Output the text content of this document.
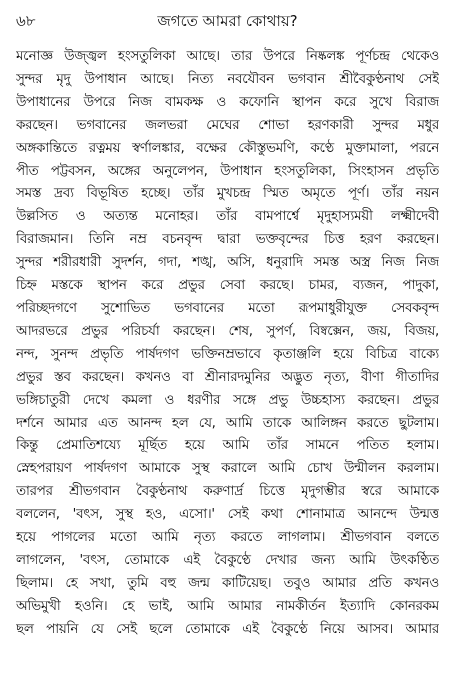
৬৮	জগতে আমরা কোথায়?
মনোজ্ঞ উজ্জ্বল হংসতুলিকা আছে। তার উপরে নিষ্কলঙ্ক পূর্ণচন্দ্র থেকেও
সুন্দর মৃদু উপাধান আছে। নিত্য নবযৌবন ভগবান শ্রীবৈকুণ্ঠনাথ সেই
উপাধানের উপরে নিজ বামকক্ষ ও কফোনি স্থাপন করে সুখে বিরাজ
করছেন। ভগবানের জলভরা মেঘের শোভা হরণকারী সুন্দর মধুর
অঙ্গকান্তিতে রত্নময় স্বর্ণালঙ্কার, বক্ষের কৌস্তুভমণি, কণ্ঠে মুক্তামালা, পরনে
পীত পট্টবসন, অঙ্গের অনুলেপন, উপাধান হংসতুলিকা, সিংহাসন প্রভৃতি
সমস্ত দ্রব্য বিভূষিত হচ্ছে। তাঁর মুখচন্দ্র স্মিত অমৃতে পূর্ণ। তাঁর নয়ন
উল্লসিত ও অত্যন্ত মনোহর। তাঁর বামপার্শ্বে মৃদুহাস্যময়ী লক্ষ্মীদেবী
বিরাজমান। তিনি নম্র বচনবৃন্দ দ্বারা ভক্তবৃন্দের চিত্ত হরণ করছেন।
সুন্দর শরীরধারী সুদর্শন, গদা, শঙ্খ, অসি, ধনুরাদি সমস্ত অস্ত্র নিজ নিজ
চিহ্ন মস্তকে স্থাপন করে প্রভুর সেবা করছে। চামর, ব্যজন, পাদুকা,
পরিচ্ছদগণে সুশোভিত ভগবানের মতো রূপমাধুরীযুক্ত সেবকবৃন্দ
আদরভরে প্রভুর পরিচর্যা করছেন। শেষ, সুপর্ণ, বিষ্বক্সেন, জয়, বিজয়,
নন্দ, সুনন্দ প্রভৃতি পার্ষদগণ ভক্তিনম্রভাবে কৃতাঞ্জলি হয়ে বিচিত্র বাক্যে
প্রভুর স্তব করছেন। কখনও বা শ্রীনারদমুনির অদ্ভুত নৃত্য, বীণা গীতাদির
ভঙ্গিচাতুরী দেখে কমলা ও ধরণীর সঙ্গে প্রভু উচ্চহাস্য করছেন। প্রভুর
দর্শনে আমার এত আনন্দ হল যে, আমি তাকে আলিঙ্গন করতে ছুটলাম।
কিন্তু প্রেমাতিশয্যে মূর্ছিত হয়ে আমি তাঁর সামনে পতিত হলাম।
স্নেহপরায়ণ পার্ষদগণ আমাকে সুস্থ করালে আমি চোখ উন্মীলন করলাম।
তারপর শ্রীভগবান বৈকুণ্ঠনাথ করুণার্দ্র চিত্তে মৃদুগম্ভীর স্বরে আমাকে
বললেন, 'বৎস, সুস্থ হও, এসো।' সেই কথা শোনামাত্র আনন্দে উন্মত্ত
হয়ে পাগলের মতো আমি নৃত্য করতে লাগলাম। শ্রীভগবান বলতে
লাগলেন, 'বৎস, তোমাকে এই বৈকুণ্ঠে দেখার জন্য আমি উৎকণ্ঠিত
ছিলাম। হে সখা, তুমি বহু জন্ম কাটিয়েছ। তবুও আমার প্রতি কখনও
অভিমুখী হওনি। হে ভাই, আমি আমার নামকীর্তন ইত্যাদি কোনরকম
ছল পায়নি যে সেই ছলে তোমাকে এই বৈকুণ্ঠে নিয়ে আসব। আমার
